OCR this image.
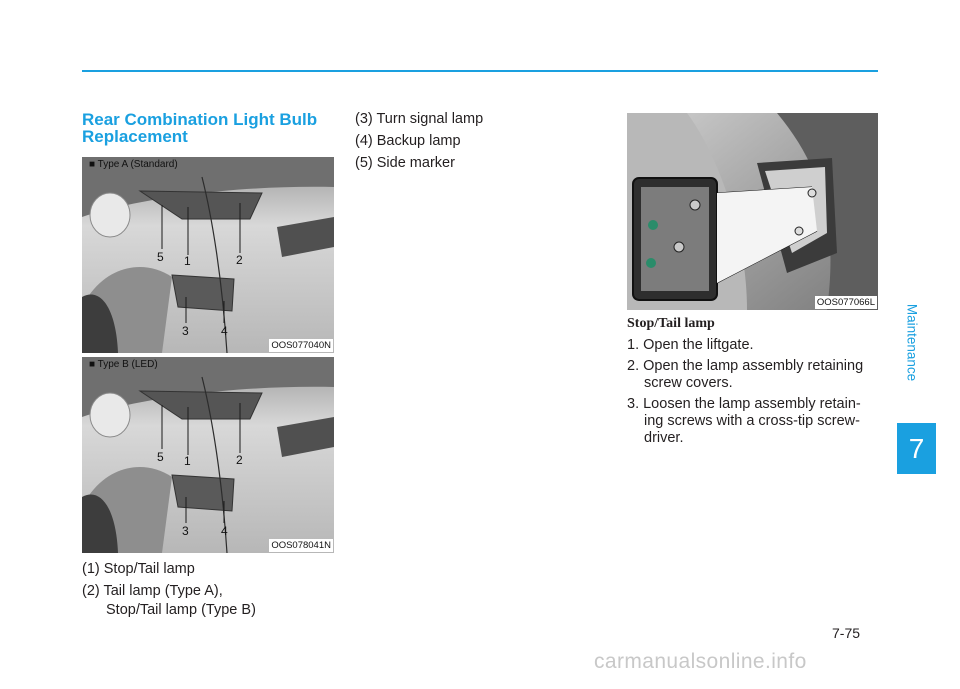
Rear Combination Light Bulb Replacement
5 1	2
3	4
■ Type A (Standard)
OOS077040N
5 1	2
3	4
■ Type B (LED)
OOS078041N
(1) Stop/Tail lamp
(2) Tail lamp (Type A),
Stop/Tail lamp (Type B)
(3) Turn signal lamp
(4) Backup lamp
(5) Side marker
OOS077066L
Stop/Tail lamp
1. Open the liftgate.
2. Open the lamp assembly retaining screw covers.
3. Loosen the lamp assembly retain- ing screws with a cross-tip screw- driver.
Maintenance
7
7-75
carmanualsonline.info
